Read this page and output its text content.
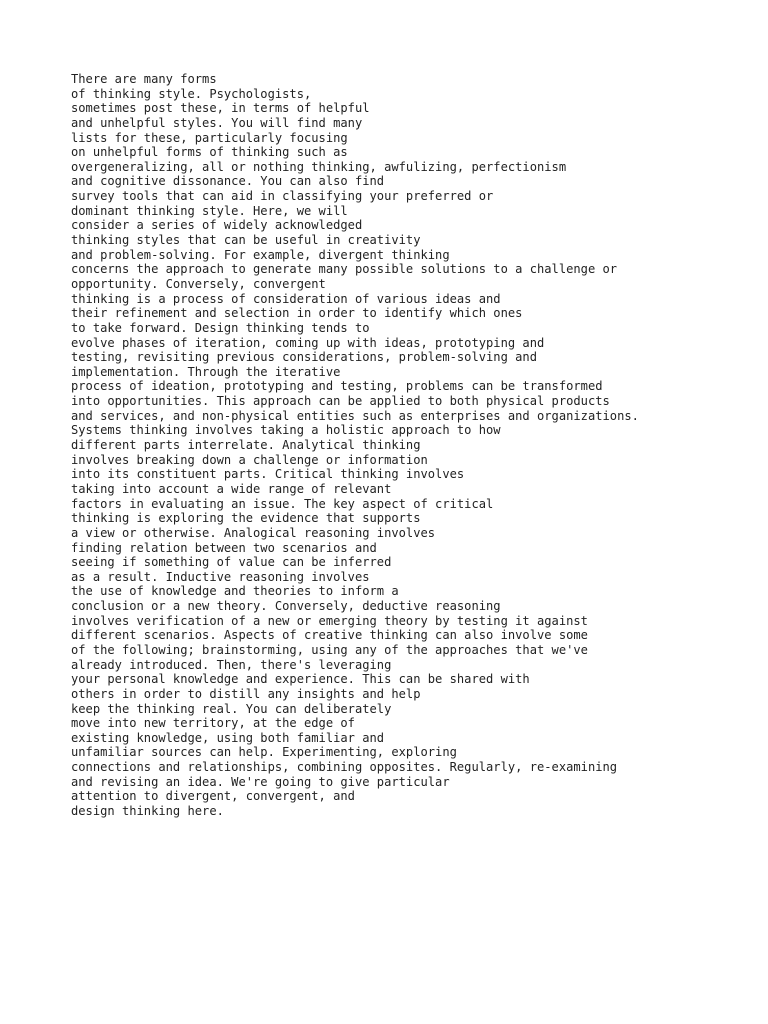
There are many forms
of thinking style. Psychologists,
sometimes post these, in terms of helpful
and unhelpful styles. You will find many
lists for these, particularly focusing
on unhelpful forms of thinking such as
overgeneralizing, all or nothing thinking, awfulizing, perfectionism
and cognitive dissonance. You can also find
survey tools that can aid in classifying your preferred or
dominant thinking style. Here, we will
consider a series of widely acknowledged
thinking styles that can be useful in creativity
and problem-solving. For example, divergent thinking
concerns the approach to generate many possible solutions to a challenge or
opportunity. Conversely, convergent
thinking is a process of consideration of various ideas and
their refinement and selection in order to identify which ones
to take forward. Design thinking tends to
evolve phases of iteration, coming up with ideas, prototyping and
testing, revisiting previous considerations, problem-solving and
implementation. Through the iterative
process of ideation, prototyping and testing, problems can be transformed
into opportunities. This approach can be applied to both physical products
and services, and non-physical entities such as enterprises and organizations.
Systems thinking involves taking a holistic approach to how
different parts interrelate. Analytical thinking
involves breaking down a challenge or information
into its constituent parts. Critical thinking involves
taking into account a wide range of relevant
factors in evaluating an issue. The key aspect of critical
thinking is exploring the evidence that supports
a view or otherwise. Analogical reasoning involves
finding relation between two scenarios and
seeing if something of value can be inferred
as a result. Inductive reasoning involves
the use of knowledge and theories to inform a
conclusion or a new theory. Conversely, deductive reasoning
involves verification of a new or emerging theory by testing it against
different scenarios. Aspects of creative thinking can also involve some
of the following; brainstorming, using any of the approaches that we've
already introduced. Then, there's leveraging
your personal knowledge and experience. This can be shared with
others in order to distill any insights and help
keep the thinking real. You can deliberately
move into new territory, at the edge of
existing knowledge, using both familiar and
unfamiliar sources can help. Experimenting, exploring
connections and relationships, combining opposites. Regularly, re-examining
and revising an idea. We're going to give particular
attention to divergent, convergent, and
design thinking here.
